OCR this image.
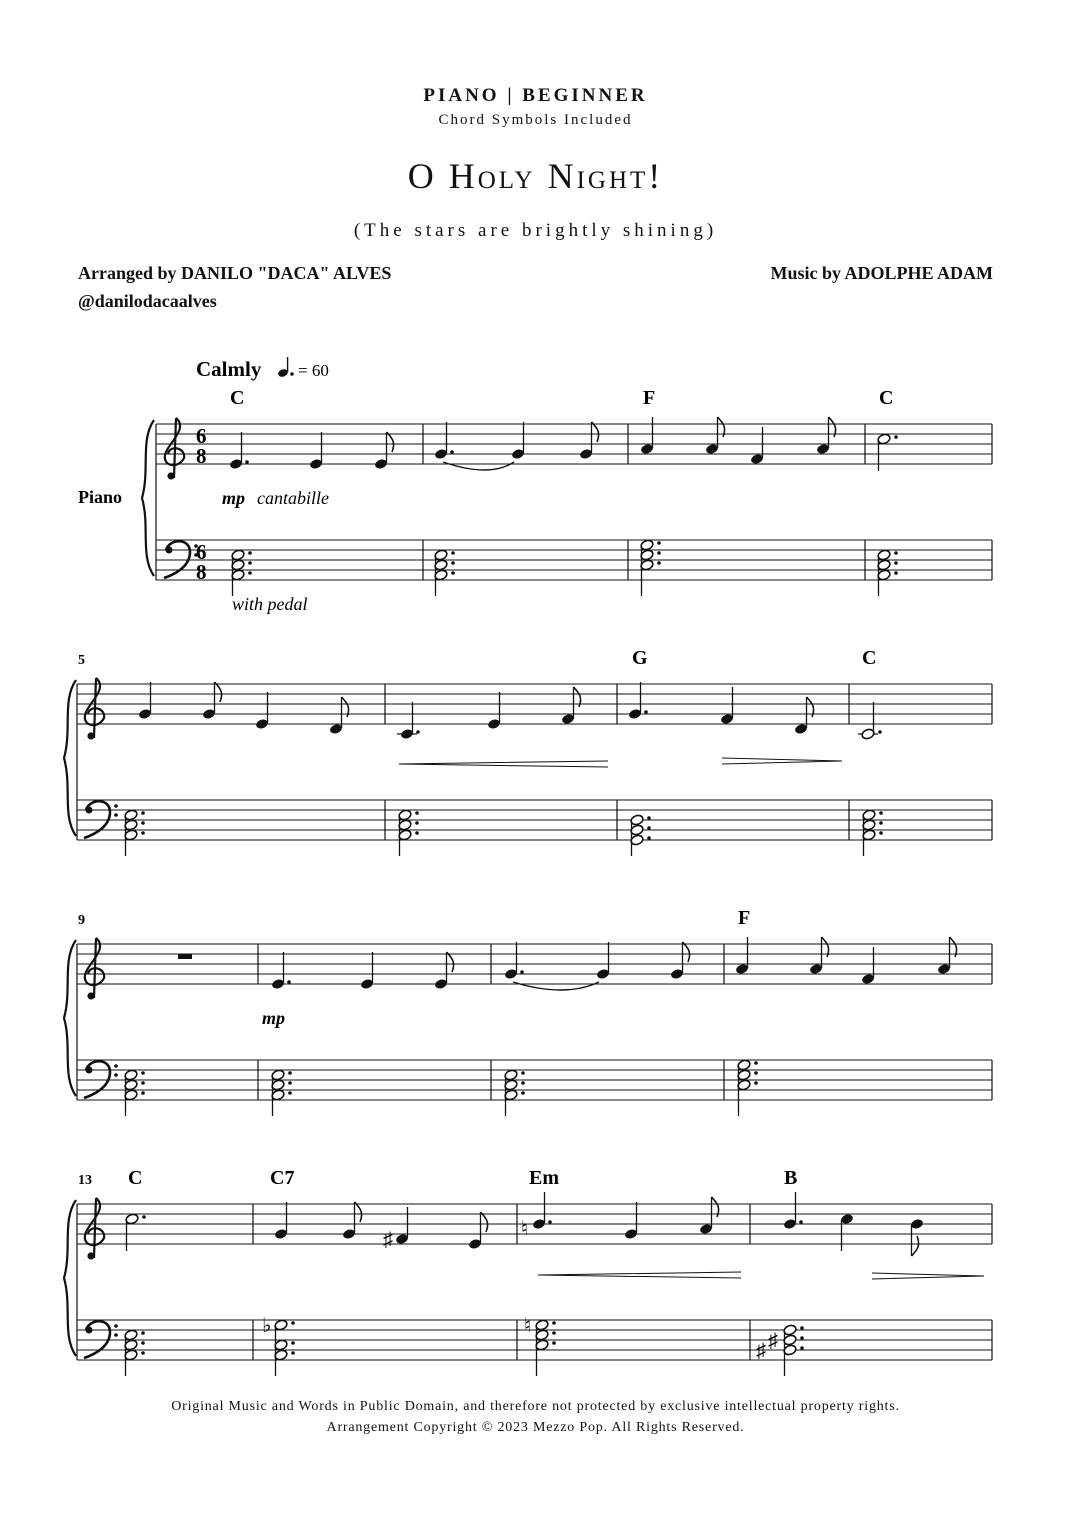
PIANO | BEGINNER
Chord Symbols Included
O Holy Night!
(The stars are brightly shining)
Arranged by DANILO "DACA" ALVES
@danilodacaalves
Music by ADOLPHE ADAM
Calmly = 60
Piano
C	F	C
6
8
6
8
mp cantabille
with pedal
5	G	C
9	F
mp
13 C	C7	Em	B
♯	♮
♭	♮
♯ ♯
Original Music and Words in Public Domain, and therefore not protected by exclusive intellectual property rights.
Arrangement Copyright © 2023 Mezzo Pop. All Rights Reserved.
